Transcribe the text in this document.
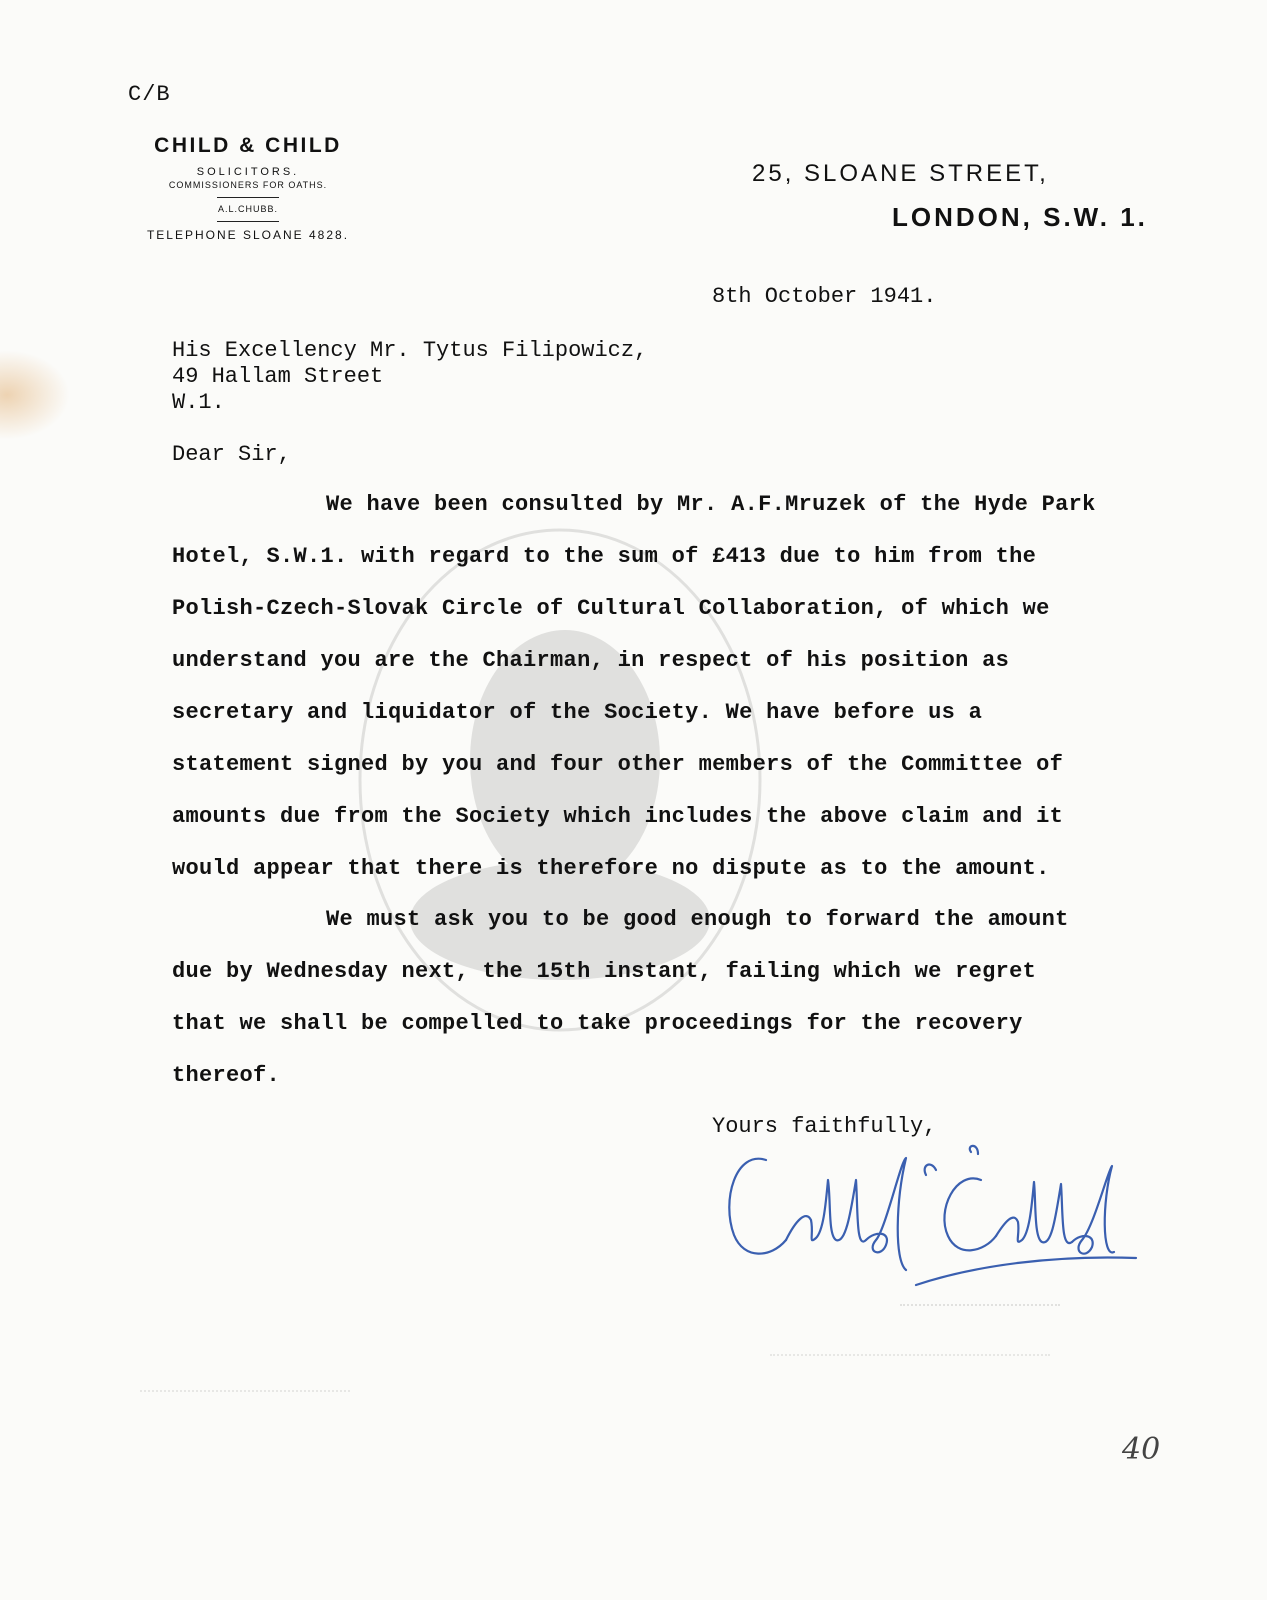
C/B
CHILD & CHILD
SOLICITORS.
COMMISSIONERS FOR OATHS.
A.L.CHUBB.
TELEPHONE SLOANE 4828.
25, SLOANE STREET,
LONDON, S.W. 1.
8th October 1941.
His Excellency Mr. Tytus Filipowicz,
49 Hallam Street
W.1.
Dear Sir,
We have been consulted by Mr. A.F.Mruzek of the Hyde Park
Hotel, S.W.1. with regard to the sum of £413 due to him from the
Polish-Czech-Slovak Circle of Cultural Collaboration, of which we
understand you are the Chairman, in respect of his position as
secretary and liquidator of the Society. We have before us a
statement signed by you and four other members of the Committee of
amounts due from the Society which includes the above claim and it
would appear that there is therefore no dispute as to the amount.
We must ask you to be good enough to forward the amount
due by Wednesday next, the 15th instant, failing which we regret
that we shall be compelled to take proceedings for the recovery
thereof.
Yours faithfully,
40
